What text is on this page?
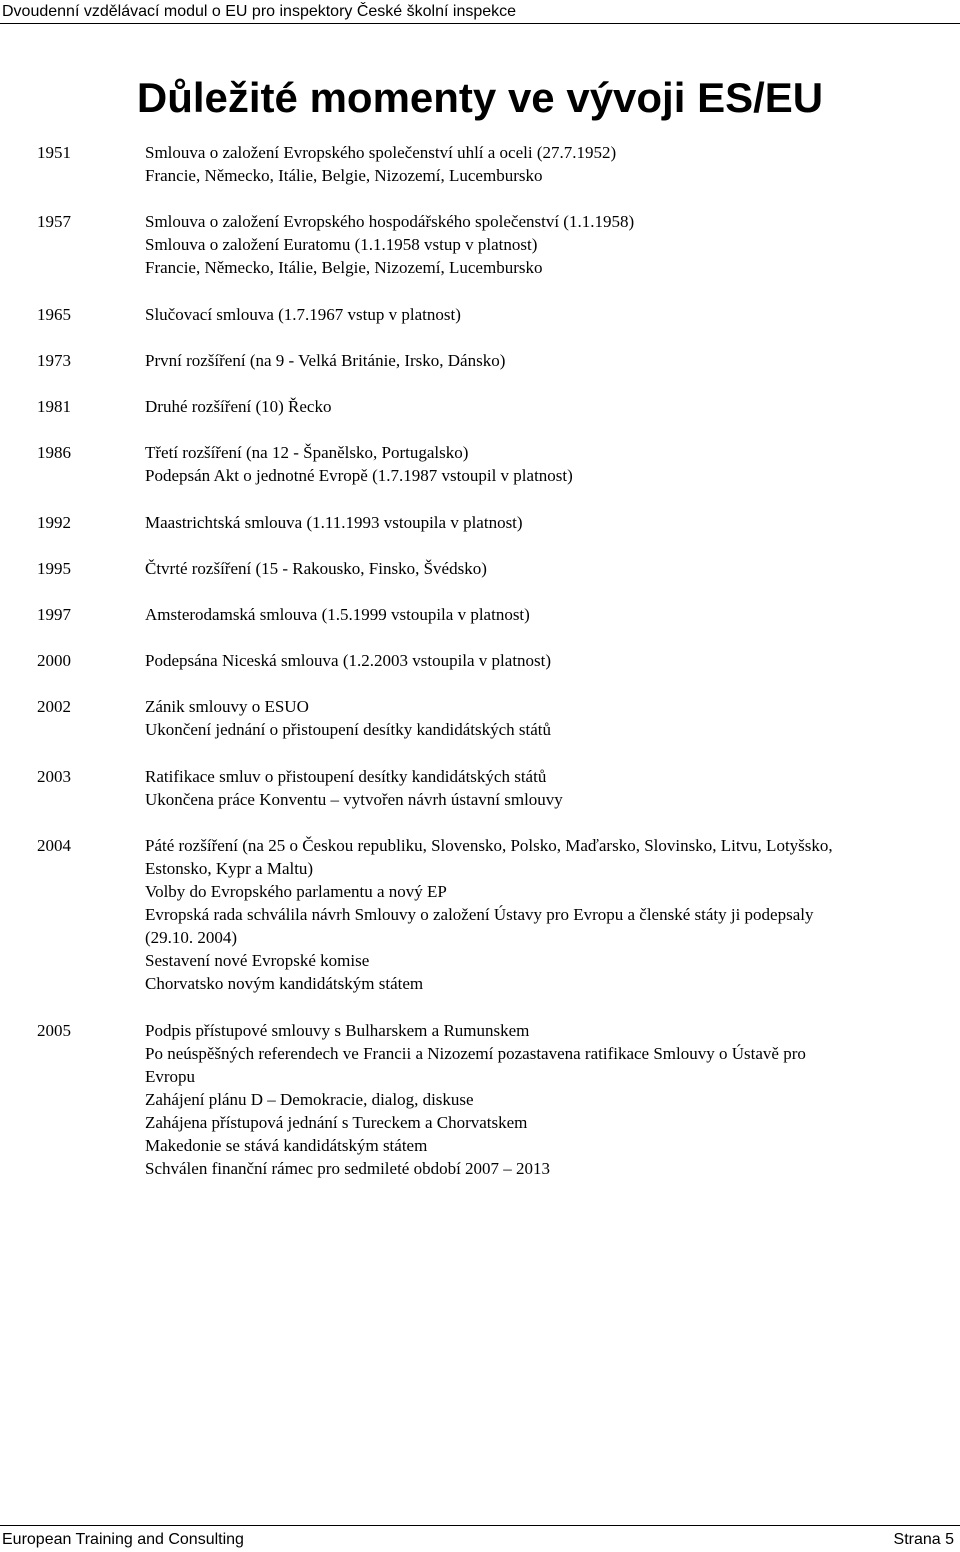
Dvoudenní vzdělávací modul o EU pro inspektory České školní inspekce
Důležité momenty ve vývoji ES/EU
1951	Smlouva o založení Evropského společenství uhlí a oceli (27.7.1952)
Francie, Německo, Itálie, Belgie, Nizozemí, Lucembursko
1957	Smlouva o založení Evropského hospodářského společenství (1.1.1958)
Smlouva o založení Euratomu (1.1.1958 vstup v platnost)
Francie, Německo, Itálie, Belgie, Nizozemí, Lucembursko
1965	Slučovací smlouva (1.7.1967 vstup v platnost)
1973	První rozšíření (na 9 - Velká Británie, Irsko, Dánsko)
1981	Druhé rozšíření (10) Řecko
1986	Třetí rozšíření (na 12 - Španělsko, Portugalsko)
Podepsán Akt o jednotné Evropě (1.7.1987 vstoupil v platnost)
1992	Maastrichtská smlouva (1.11.1993 vstoupila v platnost)
1995	Čtvrté rozšíření (15 - Rakousko, Finsko, Švédsko)
1997	Amsterodamská smlouva (1.5.1999 vstoupila v platnost)
2000	Podepsána Niceská smlouva (1.2.2003 vstoupila v platnost)
2002	Zánik smlouvy o ESUO
Ukončení jednání o přistoupení desítky kandidátských států
2003	Ratifikace smluv o přistoupení desítky kandidátských států
Ukončena práce Konventu – vytvořen návrh ústavní smlouvy
2004	Páté rozšíření (na 25 o Českou republiku, Slovensko, Polsko, Maďarsko, Slovinsko, Litvu, Lotyšsko,
Estonsko, Kypr a Maltu)
Volby do Evropského parlamentu a nový EP
Evropská rada schválila návrh Smlouvy o založení Ústavy pro Evropu a členské státy ji podepsaly
(29.10. 2004)
Sestavení nové Evropské komise
Chorvatsko novým kandidátským státem
2005	Podpis přístupové smlouvy s Bulharskem a Rumunskem
Po neúspěšných referendech ve Francii a Nizozemí pozastavena ratifikace Smlouvy o Ústavě pro
Evropu
Zahájení plánu D – Demokracie, dialog, diskuse
Zahájena přístupová jednání s Tureckem a Chorvatskem
Makedonie se stává kandidátským státem
Schválen finanční rámec pro sedmileté období 2007 – 2013
European Training and Consulting	Strana 5
